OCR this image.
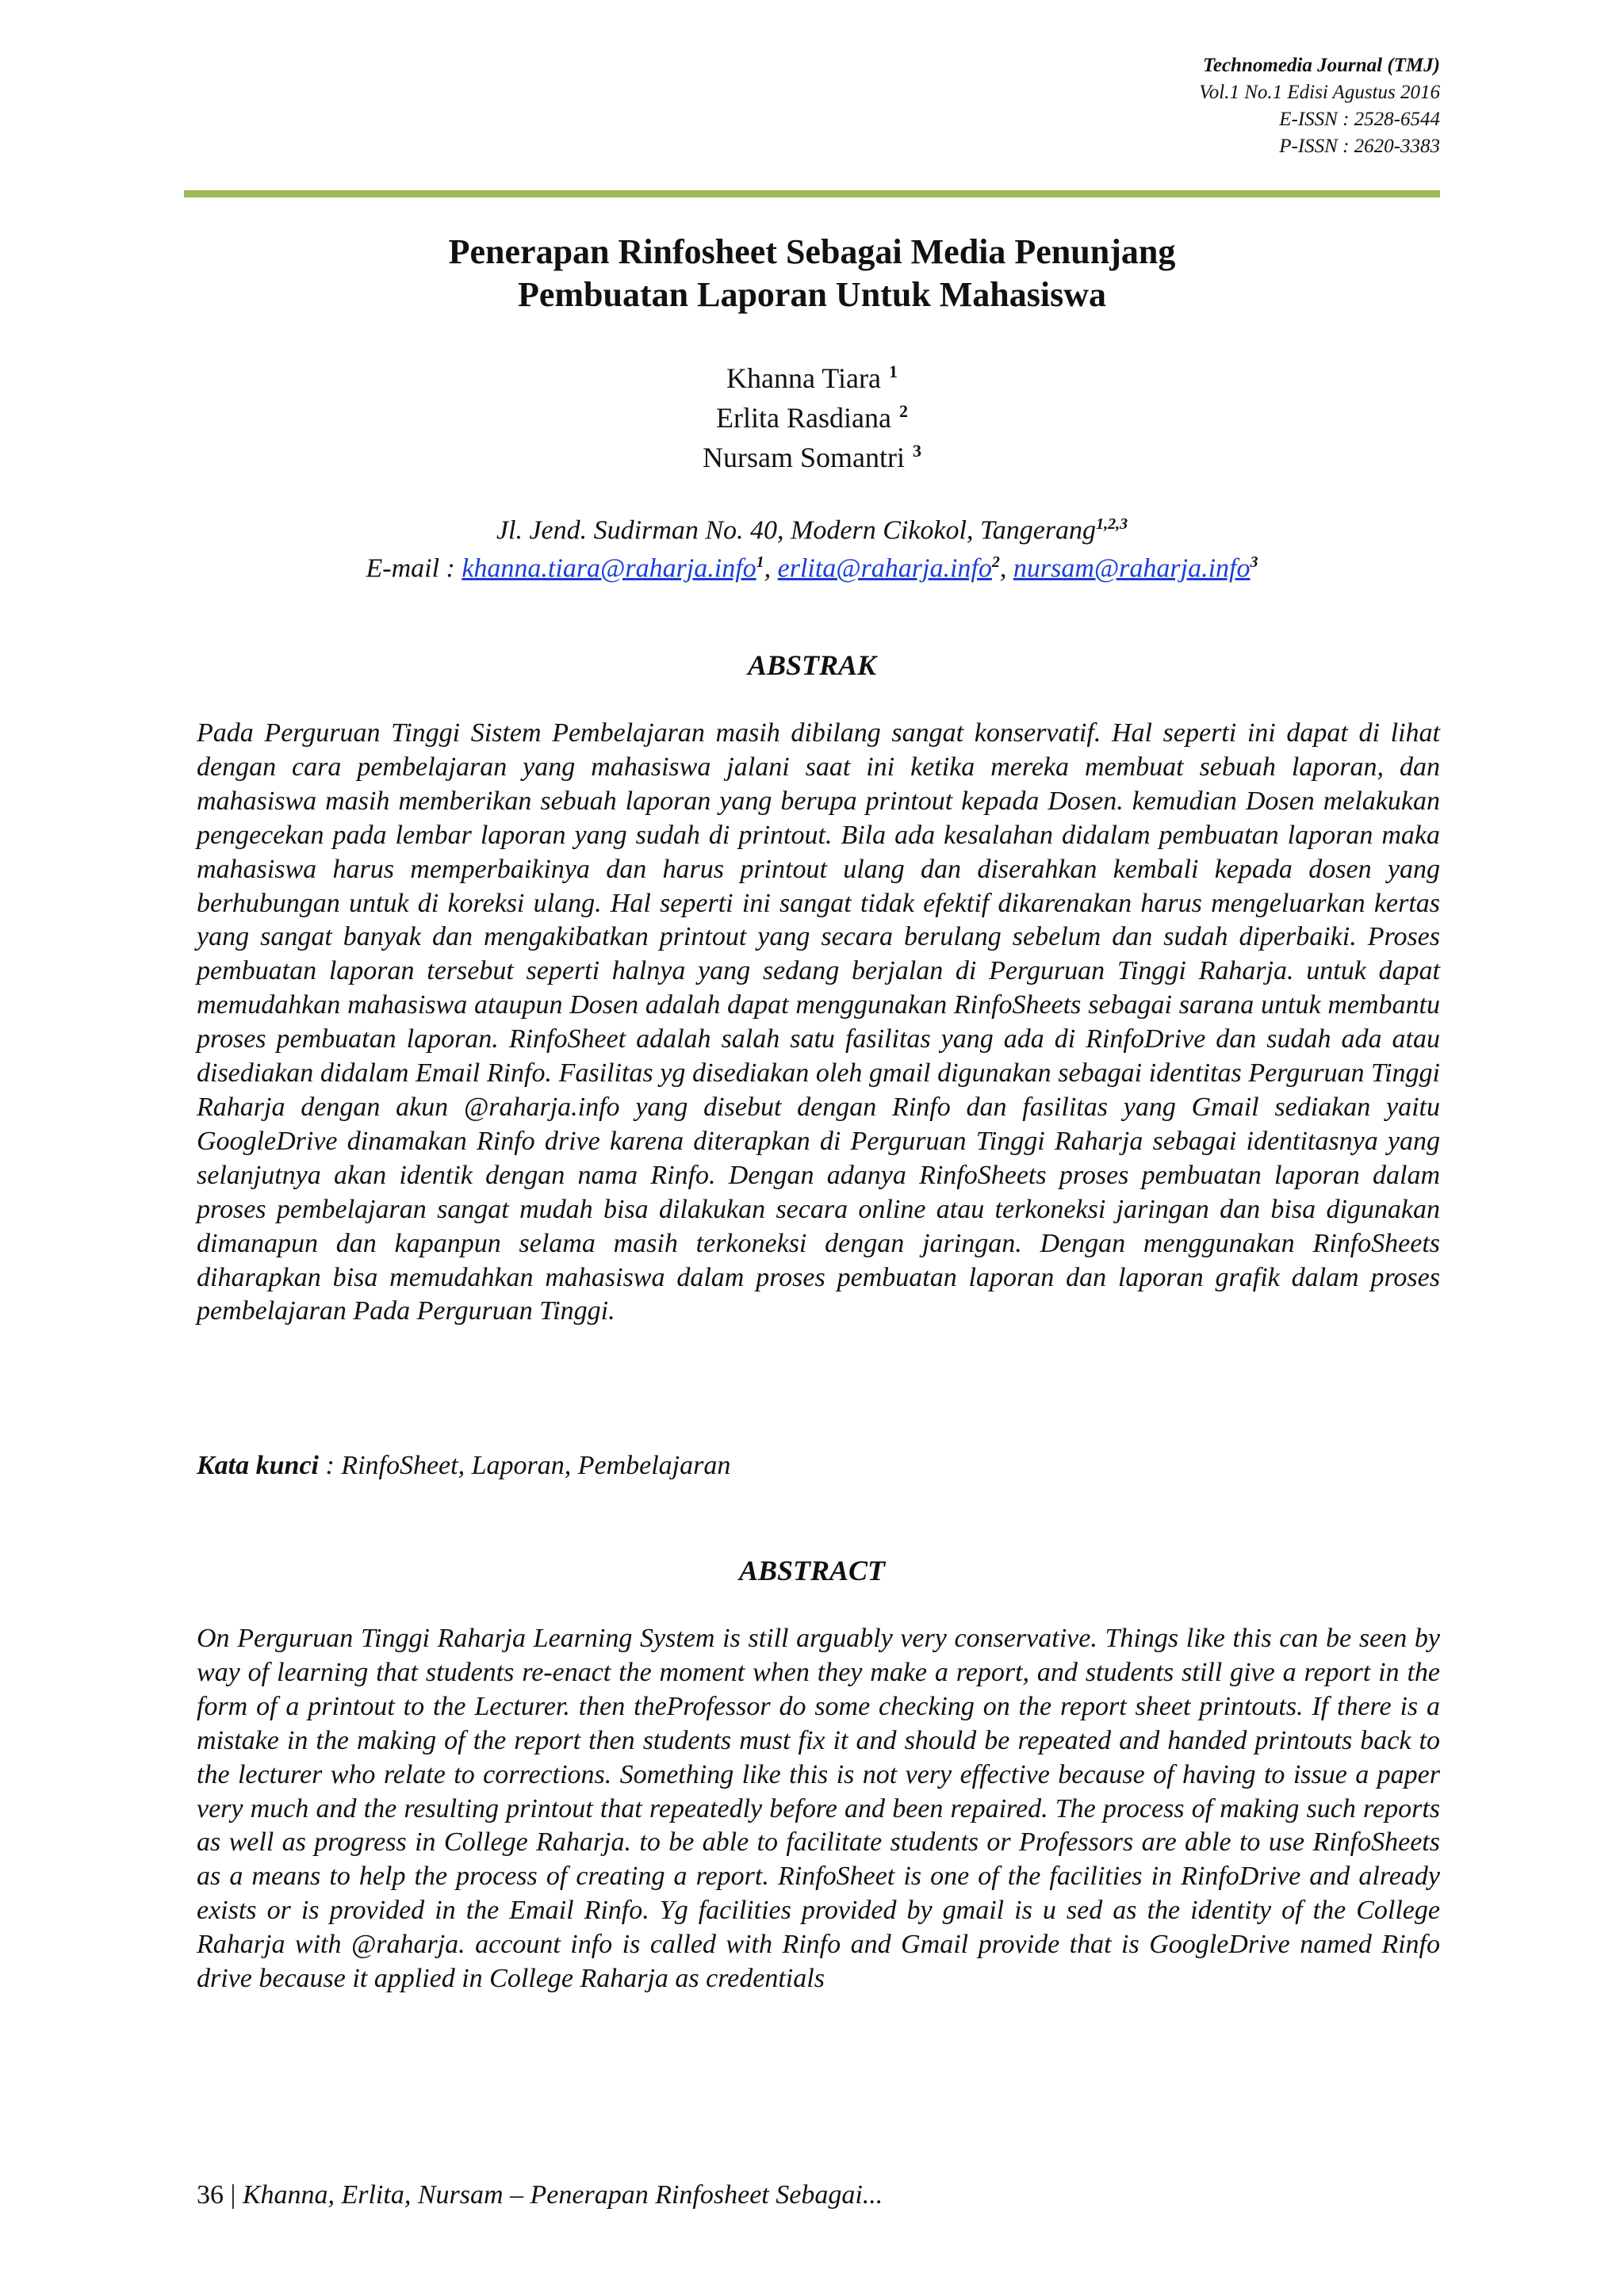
Technomedia Journal (TMJ)
Vol.1 No.1 Edisi Agustus 2016
E-ISSN : 2528-6544
P-ISSN : 2620-3383
Penerapan Rinfosheet Sebagai Media Penunjang
Pembuatan Laporan Untuk Mahasiswa
Khanna Tiara $^1$
Erlita Rasdiana $^2$
Nursam Somantri $^3$
Jl. Jend. Sudirman No. 40, Modern Cikokol, Tangerang$^{1,2,3}$
E-mail : khanna.tiara@raharja.info$^1$, erlita@raharja.info$^2$, nursam@raharja.info$^3$
ABSTRAK
Pada Perguruan Tinggi Sistem Pembelajaran masih dibilang sangat konservatif. Hal seperti ini dapat di lihat dengan cara pembelajaran yang mahasiswa jalani saat ini ketika mereka membuat sebuah laporan, dan mahasiswa masih memberikan sebuah laporan yang berupa printout kepada Dosen. kemudian Dosen melakukan pengecekan pada lembar laporan yang sudah di printout. Bila ada kesalahan didalam pembuatan laporan maka mahasiswa harus memperbaikinya dan harus printout ulang dan diserahkan kembali kepada dosen yang berhubungan untuk di koreksi ulang. Hal seperti ini sangat tidak efektif dikarenakan harus mengeluarkan kertas yang sangat banyak dan mengakibatkan printout yang secara berulang sebelum dan sudah diperbaiki. Proses pembuatan laporan tersebut seperti halnya yang sedang berjalan di Perguruan Tinggi Raharja. untuk dapat memudahkan mahasiswa ataupun Dosen adalah dapat menggunakan RinfoSheets sebagai sarana untuk membantu proses pembuatan laporan. RinfoSheet adalah salah satu fasilitas yang ada di RinfoDrive dan sudah ada atau disediakan didalam Email Rinfo. Fasilitas yg disediakan oleh gmail digunakan sebagai identitas Perguruan Tinggi Raharja dengan akun @raharja.info yang disebut dengan Rinfo dan fasilitas yang Gmail sediakan yaitu GoogleDrive dinamakan Rinfo drive karena diterapkan di Perguruan Tinggi Raharja sebagai identitasnya yang selanjutnya akan identik dengan nama Rinfo. Dengan adanya RinfoSheets proses pembuatan laporan dalam proses pembelajaran sangat mudah bisa dilakukan secara online atau terkoneksi jaringan dan bisa digunakan dimanapun dan kapanpun selama masih terkoneksi dengan jaringan. Dengan menggunakan RinfoSheets diharapkan bisa memudahkan mahasiswa dalam proses pembuatan laporan dan laporan grafik dalam proses pembelajaran Pada Perguruan Tinggi.
Kata kunci : RinfoSheet, Laporan, Pembelajaran
ABSTRACT
On Perguruan Tinggi Raharja Learning System is still arguably very conservative. Things like this can be seen by way of learning that students re-enact the moment when they make a report, and students still give a report in the form of a printout to the Lecturer. then theProfessor do some checking on the report sheet printouts. If there is a mistake in the making of the report then students must fix it and should be repeated and handed printouts back to the lecturer who relate to corrections. Something like this is not very effective because of having to issue a paper very much and the resulting printout that repeatedly before and been repaired. The process of making such reports as well as progress in College Raharja. to be able to facilitate students or Professors are able to use RinfoSheets as a means to help the process of creating a report. RinfoSheet is one of the facilities in RinfoDrive and already exists or is provided in the Email Rinfo. Yg facilities provided by gmail is u sed as the identity of the College Raharja with @raharja. account info is called with Rinfo and Gmail provide that is GoogleDrive named Rinfo drive because it applied in College Raharja as credentials
36 | Khanna, Erlita, Nursam – Penerapan Rinfosheet Sebagai...
